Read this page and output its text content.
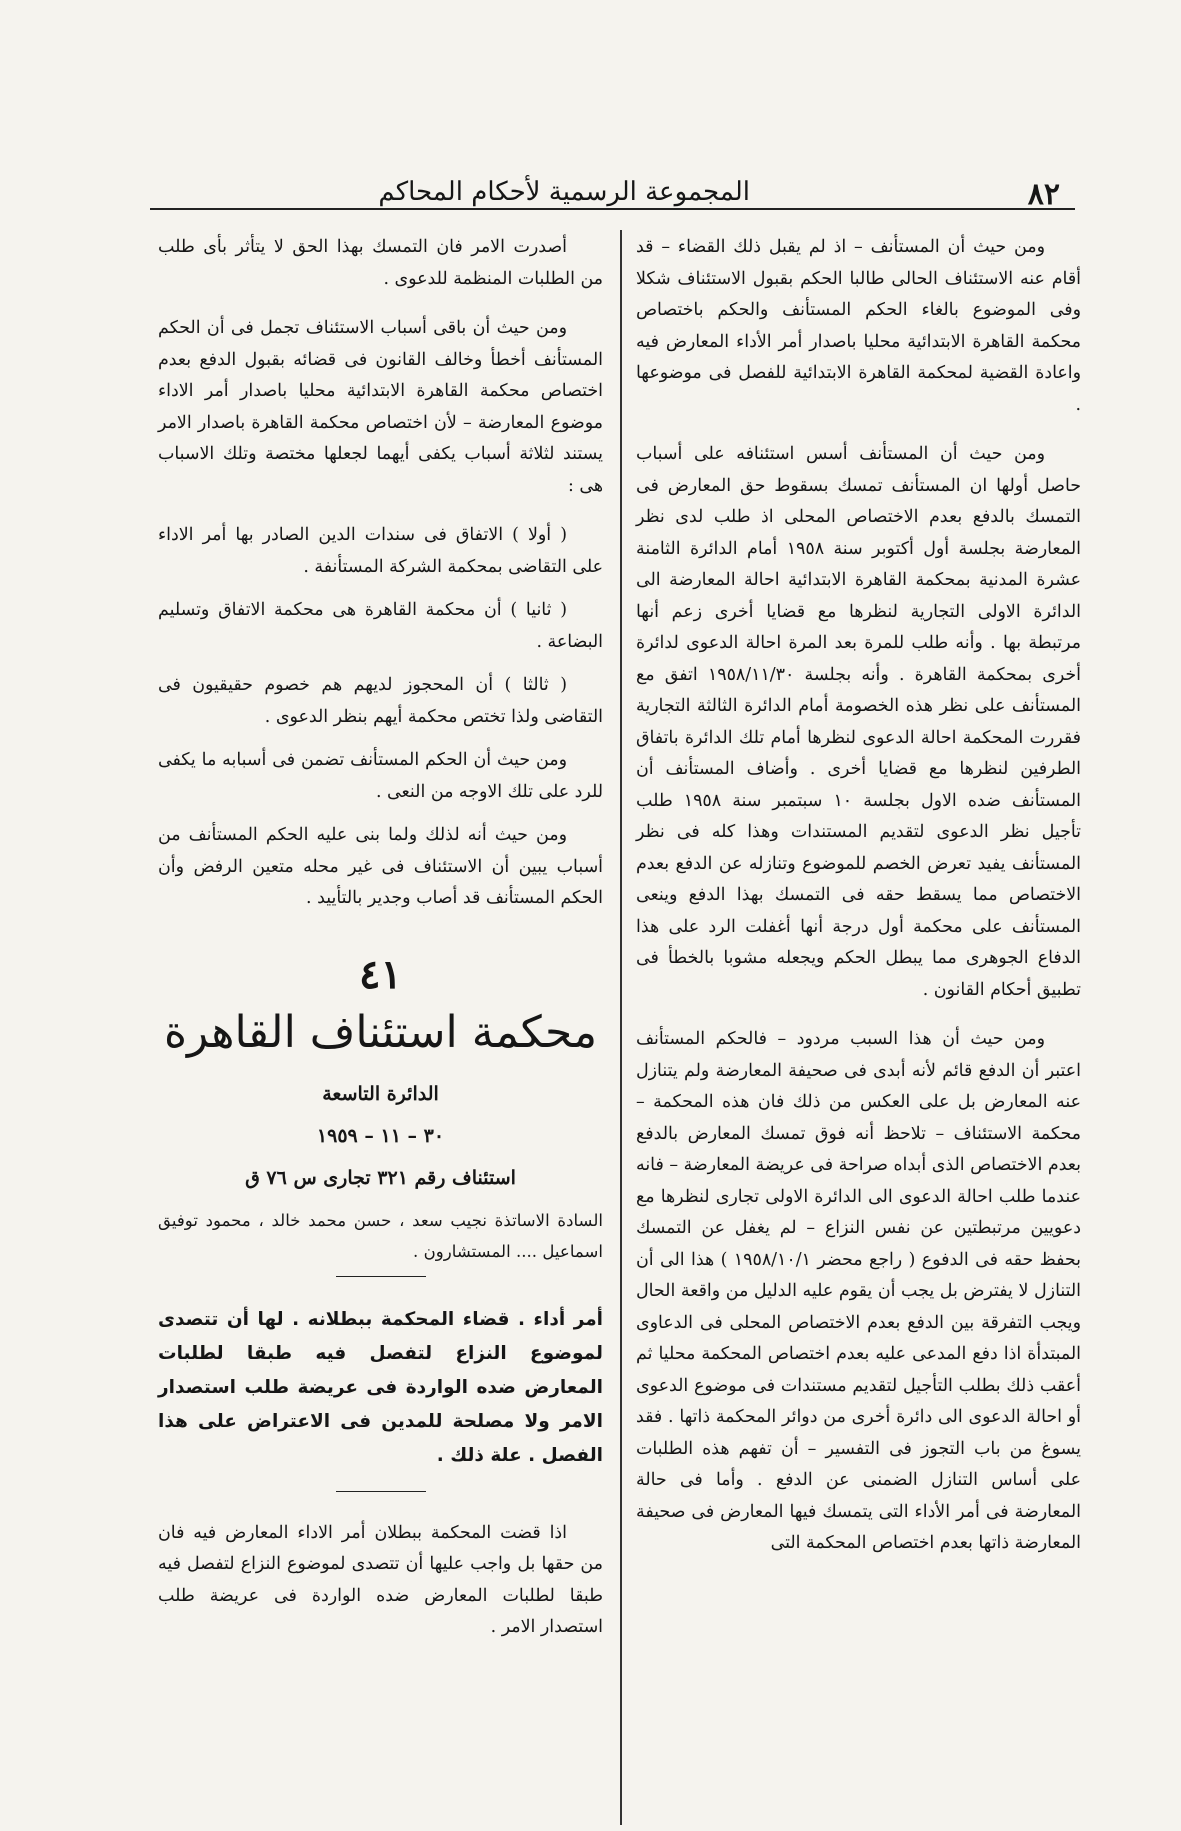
٨٢
المجموعة الرسمية لأحكام المحاكم

ومن حيث أن المستأنف – اذ لم يقبل ذلك القضاء – قد أقام عنه الاستئناف الحالى طالبا الحكم بقبول الاستئناف شكلا وفى الموضوع بالغاء الحكم المستأنف والحكم باختصاص محكمة القاهرة الابتدائية محليا باصدار أمر الأداء المعارض فيه واعادة القضية لمحكمة القاهرة الابتدائية للفصل فى موضوعها .

ومن حيث أن المستأنف أسس استئنافه على أسباب حاصل أولها ان المستأنف تمسك بسقوط حق المعارض فى التمسك بالدفع بعدم الاختصاص المحلى اذ طلب لدى نظر المعارضة بجلسة أول أكتوبر سنة ١٩٥٨ أمام الدائرة الثامنة عشرة المدنية بمحكمة القاهرة الابتدائية احالة المعارضة الى الدائرة الاولى التجارية لنظرها مع قضايا أخرى زعم أنها مرتبطة بها . وأنه طلب للمرة بعد المرة احالة الدعوى لدائرة أخرى بمحكمة القاهرة . وأنه بجلسة ١٩٥٨/١١/٣٠ اتفق مع المستأنف على نظر هذه الخصومة أمام الدائرة الثالثة التجارية فقررت المحكمة احالة الدعوى لنظرها أمام تلك الدائرة باتفاق الطرفين لنظرها مع قضايا أخرى . وأضاف المستأنف أن المستأنف ضده الاول بجلسة ١٠ سبتمبر سنة ١٩٥٨ طلب تأجيل نظر الدعوى لتقديم المستندات وهذا كله فى نظر المستأنف يفيد تعرض الخصم للموضوع وتنازله عن الدفع بعدم الاختصاص مما يسقط حقه فى التمسك بهذا الدفع وينعى المستأنف على محكمة أول درجة أنها أغفلت الرد على هذا الدفاع الجوهرى مما يبطل الحكم ويجعله مشوبا بالخطأ فى تطبيق أحكام القانون .

ومن حيث أن هذا السبب مردود – فالحكم المستأنف اعتبر أن الدفع قائم لأنه أبدى فى صحيفة المعارضة ولم يتنازل عنه المعارض بل على العكس من ذلك فان هذه المحكمة – محكمة الاستئناف – تلاحظ أنه فوق تمسك المعارض بالدفع بعدم الاختصاص الذى أبداه صراحة فى عريضة المعارضة – فانه عندما طلب احالة الدعوى الى الدائرة الاولى تجارى لنظرها مع دعويين مرتبطتين عن نفس النزاع – لم يغفل عن التمسك بحفظ حقه فى الدفوع ( راجع محضر ١٩٥٨/١٠/١ ) هذا الى أن التنازل لا يفترض بل يجب أن يقوم عليه الدليل من واقعة الحال ويجب التفرقة بين الدفع بعدم الاختصاص المحلى فى الدعاوى المبتدأة اذا دفع المدعى عليه بعدم اختصاص المحكمة محليا ثم أعقب ذلك بطلب التأجيل لتقديم مستندات فى موضوع الدعوى أو احالة الدعوى الى دائرة أخرى من دوائر المحكمة ذاتها . فقد يسوغ من باب التجوز فى التفسير – أن تفهم هذه الطلبات على أساس التنازل الضمنى عن الدفع . وأما فى حالة المعارضة فى أمر الأداء التى يتمسك فيها المعارض فى صحيفة المعارضة ذاتها بعدم اختصاص المحكمة التى

أصدرت الامر فان التمسك بهذا الحق لا يتأثر بأى طلب من الطلبات المنظمة للدعوى .

ومن حيث أن باقى أسباب الاستئناف تجمل فى أن الحكم المستأنف أخطأ وخالف القانون فى قضائه بقبول الدفع بعدم اختصاص محكمة القاهرة الابتدائية محليا باصدار أمر الاداء موضوع المعارضة – لأن اختصاص محكمة القاهرة باصدار الامر يستند لثلاثة أسباب يكفى أيهما لجعلها مختصة وتلك الاسباب هى :

( أولا ) الاتفاق فى سندات الدين الصادر بها أمر الاداء على التقاضى بمحكمة الشركة المستأنفة .

( ثانيا ) أن محكمة القاهرة هى محكمة الاتفاق وتسليم البضاعة .

( ثالثا ) أن المحجوز لديهم هم خصوم حقيقيون فى التقاضى ولذا تختص محكمة أيهم بنظر الدعوى .

ومن حيث أن الحكم المستأنف تضمن فى أسبابه ما يكفى للرد على تلك الاوجه من النعى .

ومن حيث أنه لذلك ولما بنى عليه الحكم المستأنف من أسباب يبين أن الاستئناف فى غير محله متعين الرفض وأن الحكم المستأنف قد أصاب وجدير بالتأييد .

٤١
محكمة استئناف القاهرة
الدائرة التاسعة
٣٠ – ١١ – ١٩٥٩
استئناف رقم ٣٢١ تجارى س ٧٦ ق

السادة الاساتذة نجيب سعد ، حسن محمد خالد ، محمود توفيق اسماعيل .... المستشارون .

أمر أداء . قضاء المحكمة ببطلانه . لها أن تتصدى لموضوع النزاع لتفصل فيه طبقا لطلبات المعارض ضده الواردة فى عريضة طلب استصدار الامر ولا مصلحة للمدين فى الاعتراض على هذا الفصل . علة ذلك .

اذا قضت المحكمة ببطلان أمر الاداء المعارض فيه فان من حقها بل واجب عليها أن تتصدى لموضوع النزاع لتفصل فيه طبقا لطلبات المعارض ضده الواردة فى عريضة طلب استصدار الامر .
